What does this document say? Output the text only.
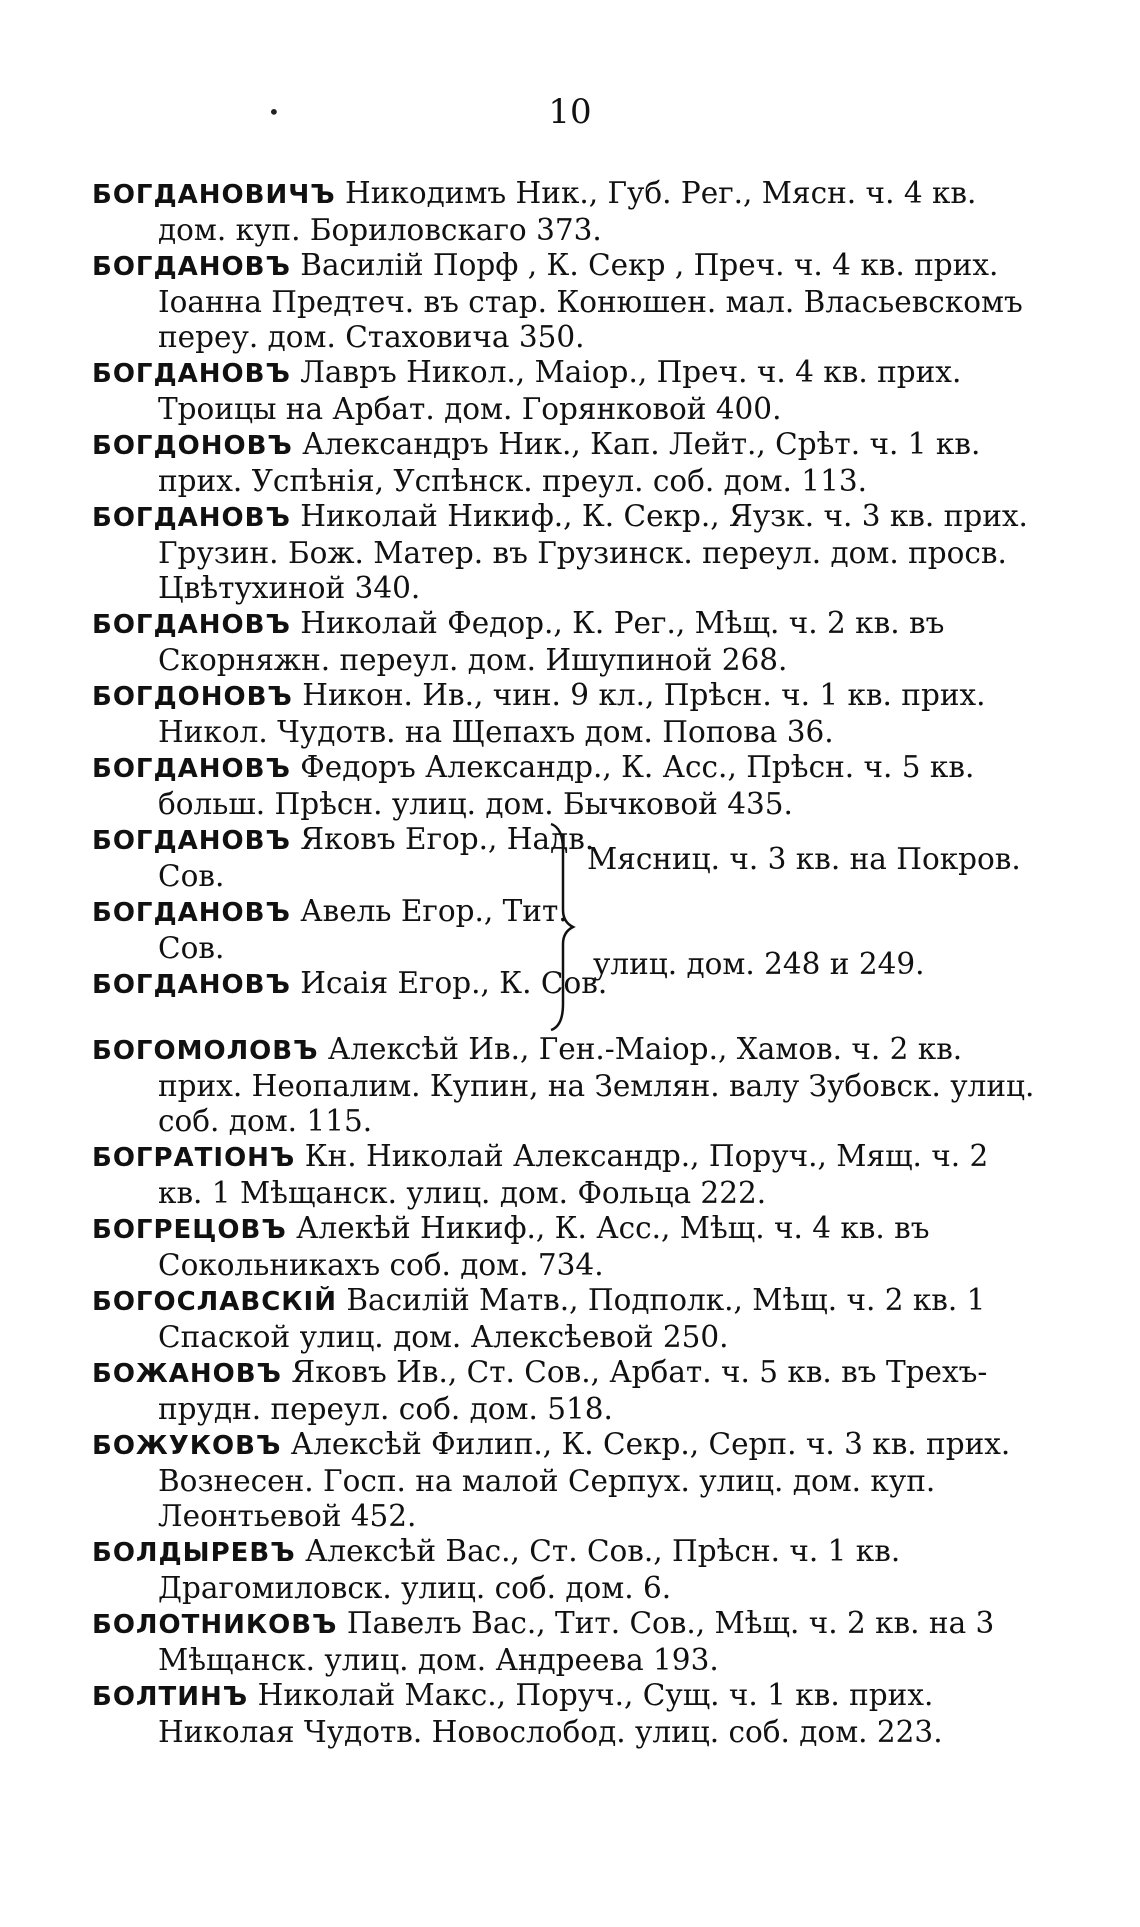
•	10
БОГДАНОВИЧЪ Никодимъ Ник., Губ. Рег., Мясн. ч. 4 кв. дом. куп. Бориловскаго 373.
БОГДАНОВЪ Василій Порф , К. Секр , Преч. ч. 4 кв. прих. Іоанна Предтеч. въ стар. Конюшен. мал. Власьевскомъ переу. дом. Стаховича 350.
БОГДАНОВЪ Лавръ Никол., Маіор., Преч. ч. 4 кв. прих. Троицы на Арбат. дом. Горянковой 400.
БОГДОНОВЪ Александръ Ник., Кап. Лейт., Срѣт. ч. 1 кв. прих. Успѣнія, Успѣнск. преул. соб. дом. 113.
БОГДАНОВЪ Николай Никиф., К. Секр., Яузк. ч. 3 кв. прих. Грузин. Бож. Матер. въ Грузинск. переул. дом. просв. Цвѣтухиной 340.
БОГДАНОВЪ Николай Федор., К. Рег., Мѣщ. ч. 2 кв. въ Скорняжн. переул. дом. Ишупиной 268.
БОГДОНОВЪ Никон. Ив., чин. 9 кл., Прѣсн. ч. 1 кв. прих. Никол. Чудотв. на Щепахъ дом. Попова 36.
БОГДАНОВЪ Федоръ Александр., К. Асс., Прѣсн. ч. 5 кв. больш. Прѣсн. улиц. дом. Бычковой 435.
БОГДАНОВЪ Яковъ Егор., Надв. Сов.
БОГДАНОВЪ Авель Егор., Тит. Сов.
БОГДАНОВЪ Исаія Егор., К. Сов.
Мясниц. ч. 3 кв. на Покров.
улиц. дом. 248 и 249.
БОГОМОЛОВЪ Алексѣй Ив., Ген.-Маіор., Хамов. ч. 2 кв. прих. Неопалим. Купин, на Землян. валу Зубовск. улиц. соб. дом. 115.
БОГРАТІОНЪ Кн. Николай Александр., Поруч., Мящ. ч. 2 кв. 1 Мѣщанск. улиц. дом. Фольца 222.
БОГРЕЦОВЪ Алекѣй Никиф., К. Асс., Мѣщ. ч. 4 кв. въ Сокольникахъ соб. дом. 734.
БОГОСЛАВСКІЙ Василій Матв., Подполк., Мѣщ. ч. 2 кв. 1 Спаской улиц. дом. Алексѣевой 250.
БОЖАНОВЪ Яковъ Ив., Ст. Сов., Арбат. ч. 5 кв. въ Трехъ-прудн. переул. соб. дом. 518.
БОЖУКОВЪ Алексѣй Филип., К. Секр., Серп. ч. 3 кв. прих. Вознесен. Госп. на малой Серпух. улиц. дом. куп. Леонтьевой 452.
БОЛДЫРЕВЪ Алексѣй Вас., Ст. Сов., Прѣсн. ч. 1 кв. Драгомиловск. улиц. соб. дом. 6.
БОЛОТНИКОВЪ Павелъ Вас., Тит. Сов., Мѣщ. ч. 2 кв. на 3 Мѣщанск. улиц. дом. Андреева 193.
БОЛТИНЪ Николай Макс., Поруч., Сущ. ч. 1 кв. прих. Николая Чудотв. Новослобод. улиц. соб. дом. 223.
